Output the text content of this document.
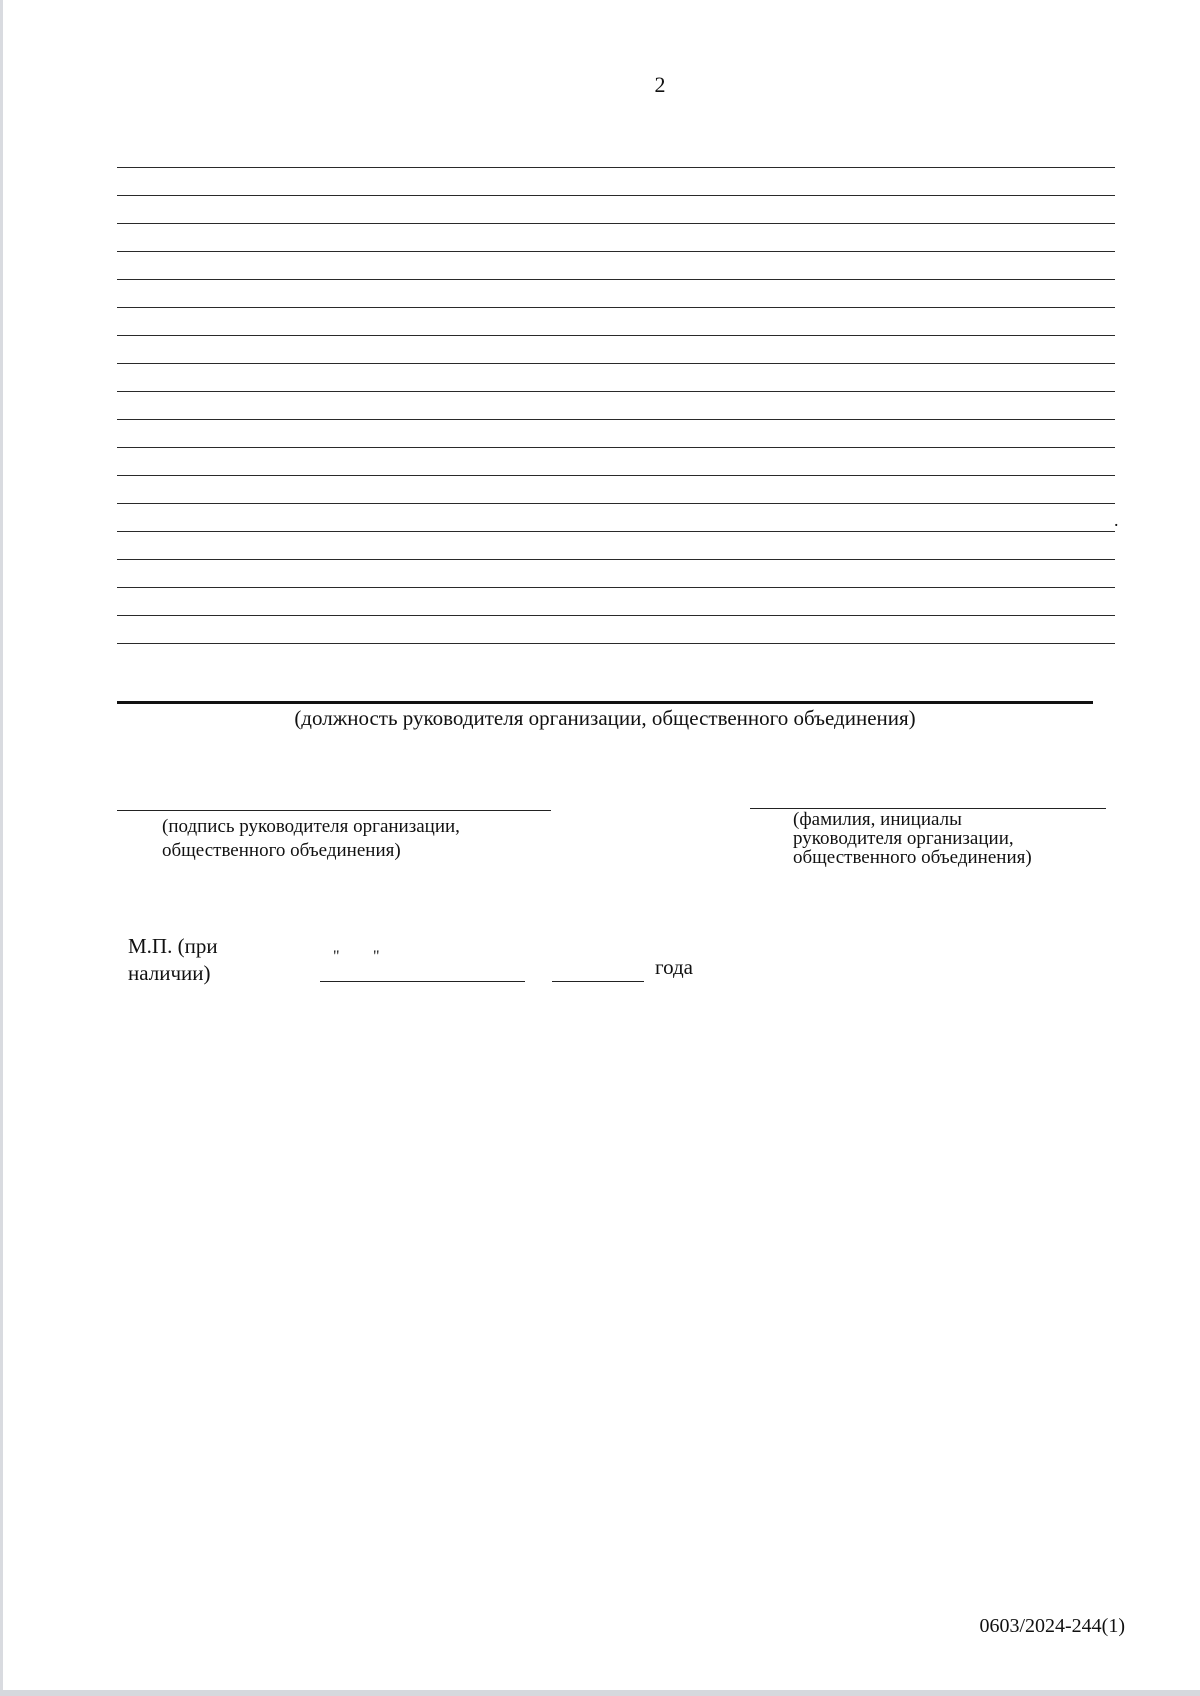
2
.
(должность руководителя организации, общественного объединения)
(подпись руководителя организации,
общественного объединения)
(фамилия, инициалы
руководителя организации,
общественного объединения)
М.П. (при
наличии)
" "	года
0603/2024-244(1)
